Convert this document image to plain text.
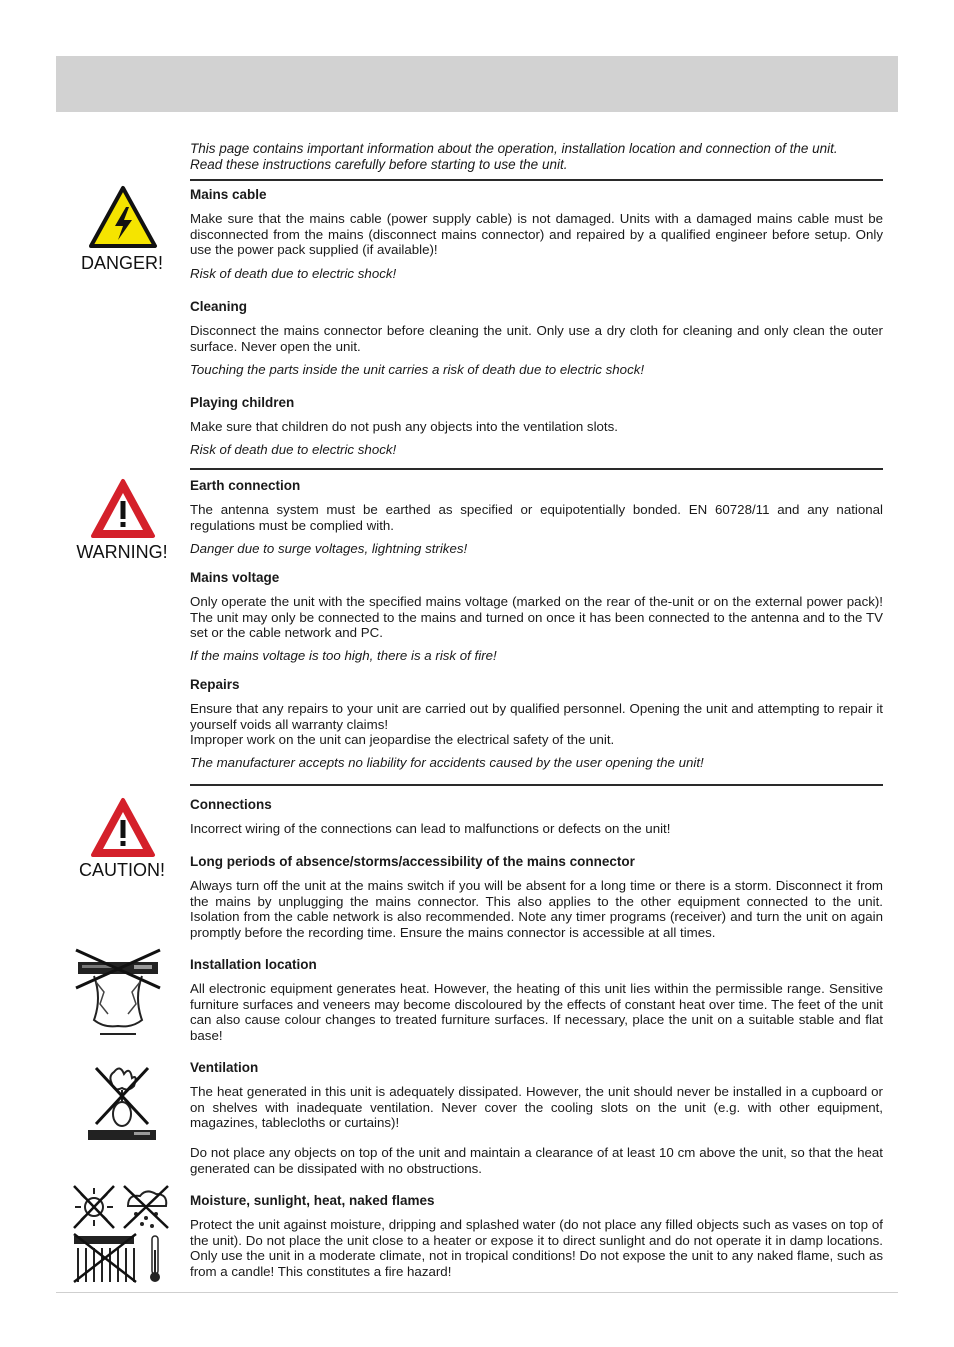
This page contains important information about the operation, installation location and connection of the unit.
Read these instructions carefully before starting to use the unit.
DANGER!
Mains cable
Make sure that the mains cable (power supply cable) is not damaged. Units with a damaged mains cable must be disconnected from the mains (disconnect mains connector) and repaired by a qualified engineer before setup. Only use the power pack supplied (if available)!
Risk of death due to electric shock!
Cleaning
Disconnect the mains connector before cleaning the unit. Only use a dry cloth for cleaning and only clean the outer surface. Never open the unit.
Touching the parts inside the unit carries a risk of death due to electric shock!
Playing children
Make sure that children do not push any objects into the ventilation slots.
Risk of death due to electric shock!
WARNING!
Earth connection
The antenna system must be earthed as specified or equipotentially bonded. EN 60728/11 and any national regulations must be complied with.
Danger due to surge voltages, lightning strikes!
Mains voltage
Only operate the unit with the specified mains voltage (marked on the rear of the-unit or on the external power pack)! The unit may only be connected to the mains and turned on once it has been connected to the antenna and to the TV set or the cable network and PC.
If the mains voltage is too high, there is a risk of fire!
Repairs
Ensure that any repairs to your unit are carried out by qualified personnel. Opening the unit and attempting to repair it yourself voids all warranty claims!
Improper work on the unit can jeopardise the electrical safety of the unit.
The manufacturer accepts no liability for accidents caused by the user opening the unit!
CAUTION!
Connections
Incorrect wiring of the connections can lead to malfunctions or defects on the unit!
Long periods of absence/storms/accessibility of the mains connector
Always turn off the unit at the mains switch if you will be absent for a long time or there is a storm. Disconnect it from the mains by unplugging the mains connector. This also applies to the other equipment connected to the unit. Isolation from the cable network is also recommended. Note any timer programs (receiver) and turn the unit on again promptly before the recording time. Ensure the mains connector is accessible at all times.
Installation location
All electronic equipment generates heat. However, the heating of this unit lies within the permissible range. Sensitive furniture surfaces and veneers may become discoloured by the effects of constant heat over time. The feet of the unit can also cause colour changes to treated furniture surfaces. If necessary, place the unit on a suitable stable and flat base!
Ventilation
The heat generated in this unit is adequately dissipated. However, the unit should never be installed in a cupboard or on shelves with inadequate ventilation. Never cover the cooling slots on the unit (e.g. with other equipment, magazines, tablecloths or curtains)!
Do not place any objects on top of the unit and maintain a clearance of at least 10 cm above the unit, so that the heat generated can be dissipated with no obstructions.
Moisture, sunlight, heat, naked flames
Protect the unit against moisture, dripping and splashed water (do not place any filled objects such as vases on top of the unit). Do not place the unit close to a heater or expose it to direct sunlight and do not operate it in damp locations. Only use the unit in a moderate climate, not in tropical conditions! Do not expose the unit to any naked flame, such as from a candle! This constitutes a fire hazard!
